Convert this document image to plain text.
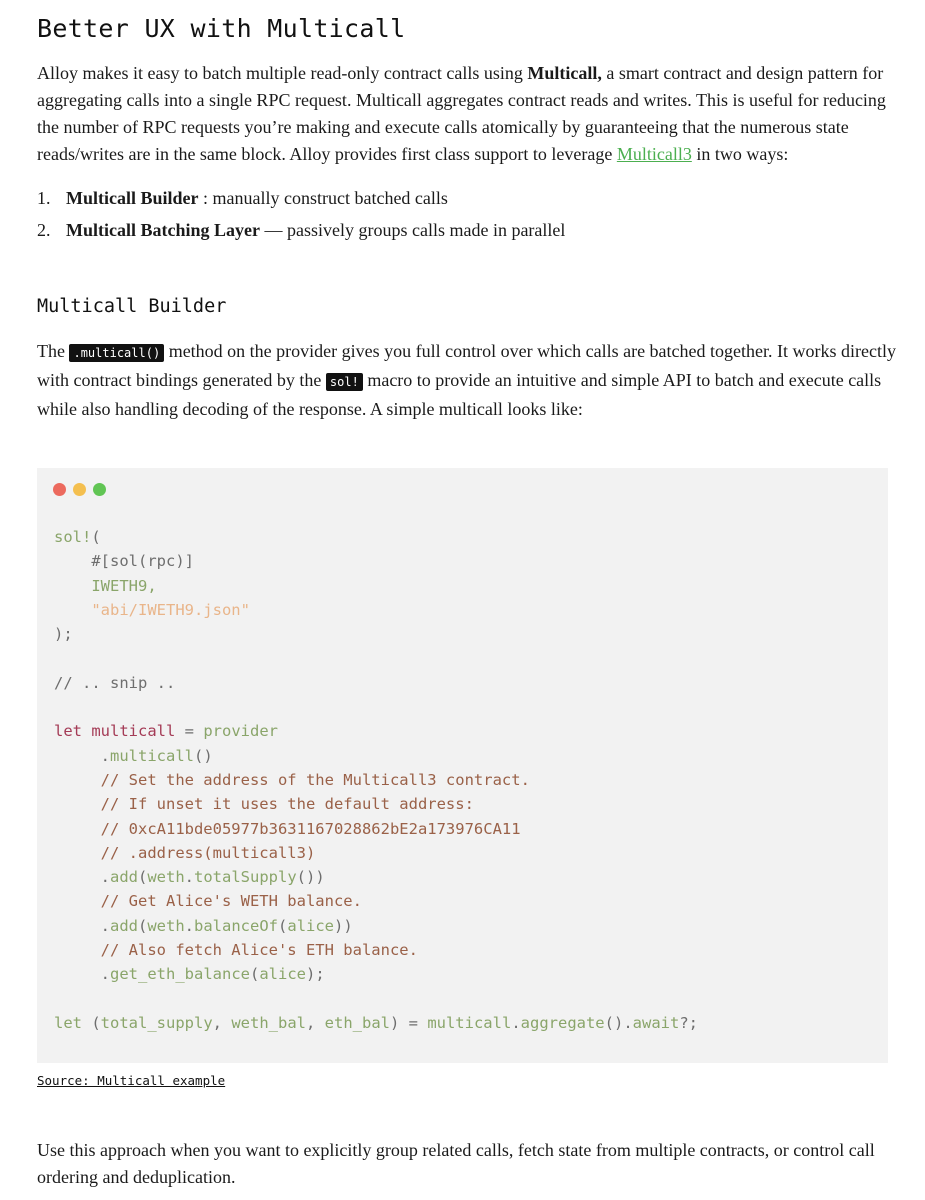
Better UX with Multicall

Alloy makes it easy to batch multiple read-only contract calls using Multicall, a smart contract and design pattern for aggregating calls into a single RPC request. Multicall aggregates contract reads and writes. This is useful for reducing the number of RPC requests you’re making and execute calls atomically by guaranteeing that the numerous state reads/writes are in the same block. Alloy provides first class support to leverage Multicall3 in two ways:

1. Multicall Builder : manually construct batched calls
2. Multicall Batching Layer — passively groups calls made in parallel
Multicall Builder

The .multicall() method on the provider gives you full control over which calls are batched together. It works directly with contract bindings generated by the sol! macro to provide an intuitive and simple API to batch and execute calls while also handling decoding of the response. A simple multicall looks like:

sol!(
#[sol(rpc)]
IWETH9,
"abi/IWETH9.json"
);

// .. snip ..

let multicall = provider
.multicall()
// Set the address of the Multicall3 contract.
// If unset it uses the default address:
// 0xcA11bde05977b3631167028862bE2a173976CA11
// .address(multicall3)
.add(weth.totalSupply())
// Get Alice's WETH balance.
.add(weth.balanceOf(alice))
// Also fetch Alice's ETH balance.
.get_eth_balance(alice);

let (total_supply, weth_bal, eth_bal) = multicall.aggregate().await?;
Source: Multicall example

Use this approach when you want to explicitly group related calls, fetch state from multiple contracts, or control call ordering and deduplication.
